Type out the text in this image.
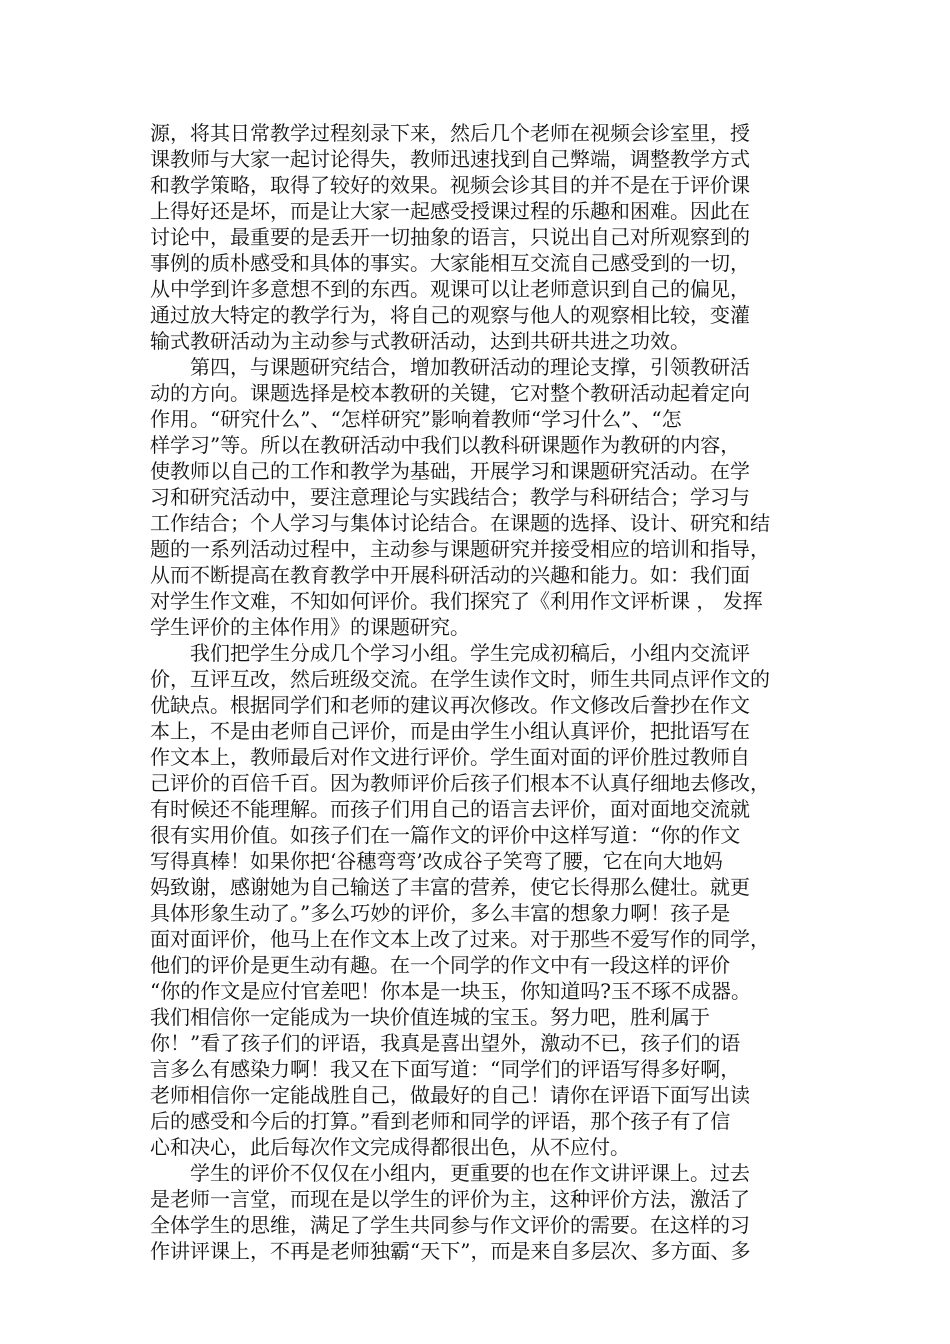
源，将其日常教学过程刻录下来，然后几个老师在视频会诊室里，授
课教师与大家一起讨论得失，教师迅速找到自己弊端，调整教学方式
和教学策略，取得了较好的效果。视频会诊其目的并不是在于评价课
上得好还是坏，而是让大家一起感受授课过程的乐趣和困难。因此在
讨论中，最重要的是丢开一切抽象的语言，只说出自己对所观察到的
事例的质朴感受和具体的事实。大家能相互交流自己感受到的一切，
从中学到许多意想不到的东西。观课可以让老师意识到自己的偏见，
通过放大特定的教学行为，将自己的观察与他人的观察相比较，变灌
输式教研活动为主动参与式教研活动，达到共研共进之功效。
　　第四，与课题研究结合，增加教研活动的理论支撑，引领教研活
动的方向。课题选择是校本教研的关键，它对整个教研活动起着定向
作用。“研究什么”、“怎样研究”影响着教师“学习什么”、“怎
样学习”等。所以在教研活动中我们以教科研课题作为教研的内容，
使教师以自己的工作和教学为基础，开展学习和课题研究活动。在学
习和研究活动中，要注意理论与实践结合；教学与科研结合；学习与
工作结合；个人学习与集体讨论结合。在课题的选择、设计、研究和结
题的一系列活动过程中，主动参与课题研究并接受相应的培训和指导，
从而不断提高在教育教学中开展科研活动的兴趣和能力。如：我们面
对学生作文难，不知如何评价。我们探究了《利用作文评析课 ， 发挥
学生评价的主体作用》的课题研究。
　　我们把学生分成几个学习小组。学生完成初稿后，小组内交流评
价，互评互改，然后班级交流。在学生读作文时，师生共同点评作文的
优缺点。根据同学们和老师的建议再次修改。作文修改后誊抄在作文
本上，不是由老师自己评价，而是由学生小组认真评价，把批语写在
作文本上，教师最后对作文进行评价。学生面对面的评价胜过教师自
己评价的百倍千百。因为教师评价后孩子们根本不认真仔细地去修改，
有时候还不能理解。而孩子们用自己的语言去评价，面对面地交流就
很有实用价值。如孩子们在一篇作文的评价中这样写道：“你的作文
写得真棒！如果你把‘谷穗弯弯’改成谷子笑弯了腰，它在向大地妈
妈致谢，感谢她为自己输送了丰富的营养，使它长得那么健壮。就更
具体形象生动了。”多么巧妙的评价，多么丰富的想象力啊！孩子是
面对面评价，他马上在作文本上改了过来。对于那些不爱写作的同学，
他们的评价是更生动有趣。在一个同学的作文中有一段这样的评价
“你的作文是应付官差吧！你本是一块玉，你知道吗?玉不琢不成器。
我们相信你一定能成为一块价值连城的宝玉。努力吧，胜利属于
你！”看了孩子们的评语，我真是喜出望外，激动不已，孩子们的语
言多么有感染力啊！我又在下面写道：“同学们的评语写得多好啊，
老师相信你一定能战胜自己，做最好的自己！请你在评语下面写出读
后的感受和今后的打算。”看到老师和同学的评语，那个孩子有了信
心和决心，此后每次作文完成得都很出色，从不应付。
　　学生的评价不仅仅在小组内，更重要的也在作文讲评课上。过去
是老师一言堂，而现在是以学生的评价为主，这种评价方法，激活了
全体学生的思维，满足了学生共同参与作文评价的需要。在这样的习
作讲评课上，不再是老师独霸“天下”，而是来自多层次、多方面、多
